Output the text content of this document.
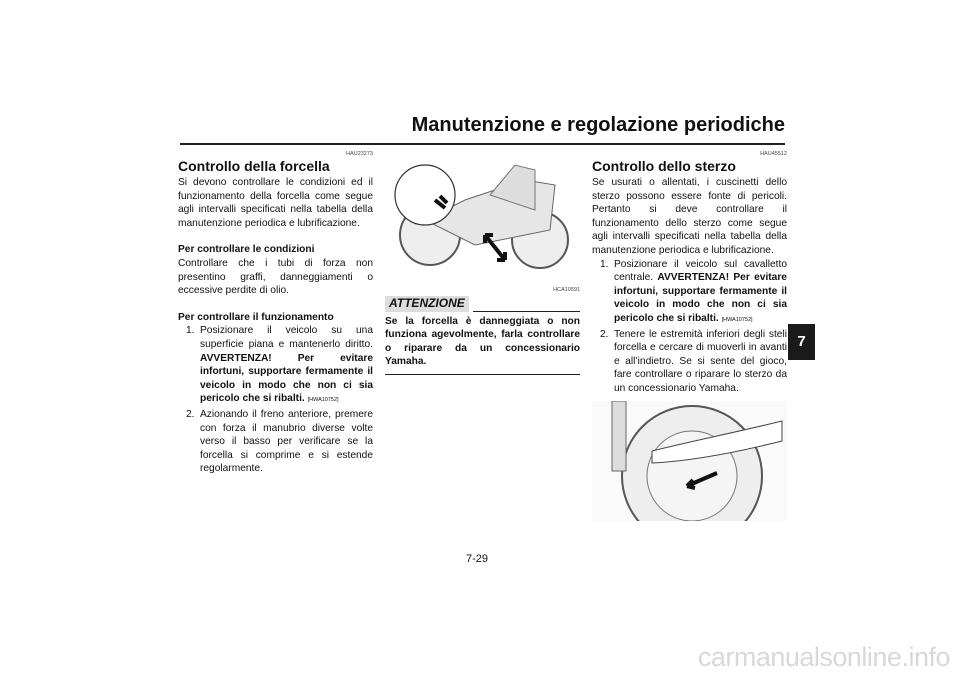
Manutenzione e regolazione periodiche
7
HAU23273
Controllo della forcella

Si devono controllare le condizioni ed il funzionamento della forcella come segue agli intervalli specificati nella tabella della manutenzione periodica e lubrificazione.

Per controllare le condizioni

Controllare che i tubi di forza non presentino graffi, danneggiamenti o eccessive perdite di olio.

Per controllare il funzionamento

1. Posizionare il veicolo su una superficie piana e mantenerlo diritto. AVVERTENZA! Per evitare infortuni, supportare fermamente il veicolo in modo che non ci sia pericolo che si ribalti. [HWA10752]
2. Azionando il freno anteriore, premere con forza il manubrio diverse volte verso il basso per verificare se la forcella si comprime e si estende regolarmente.
HCA10591
ATTENZIONE

Se la forcella è danneggiata o non funziona agevolmente, farla controllare o riparare da un concessionario Yamaha.

HAU45512
Controllo dello sterzo

Se usurati o allentati, i cuscinetti dello sterzo possono essere fonte di pericoli. Pertanto si deve controllare il funzionamento dello sterzo come segue agli intervalli specificati nella tabella della manutenzione periodica e lubrificazione.

1. Posizionare il veicolo sul cavalletto centrale. AVVERTENZA! Per evitare infortuni, supportare fermamente il veicolo in modo che non ci sia pericolo che si ribalti. [HWA10752]
2. Tenere le estremità inferiori degli steli forcella e cercare di muoverli in avanti e all’indietro. Se si sente del gioco, fare controllare o riparare lo sterzo da un concessionario Yamaha.
7-29
carmanualsonline.info
